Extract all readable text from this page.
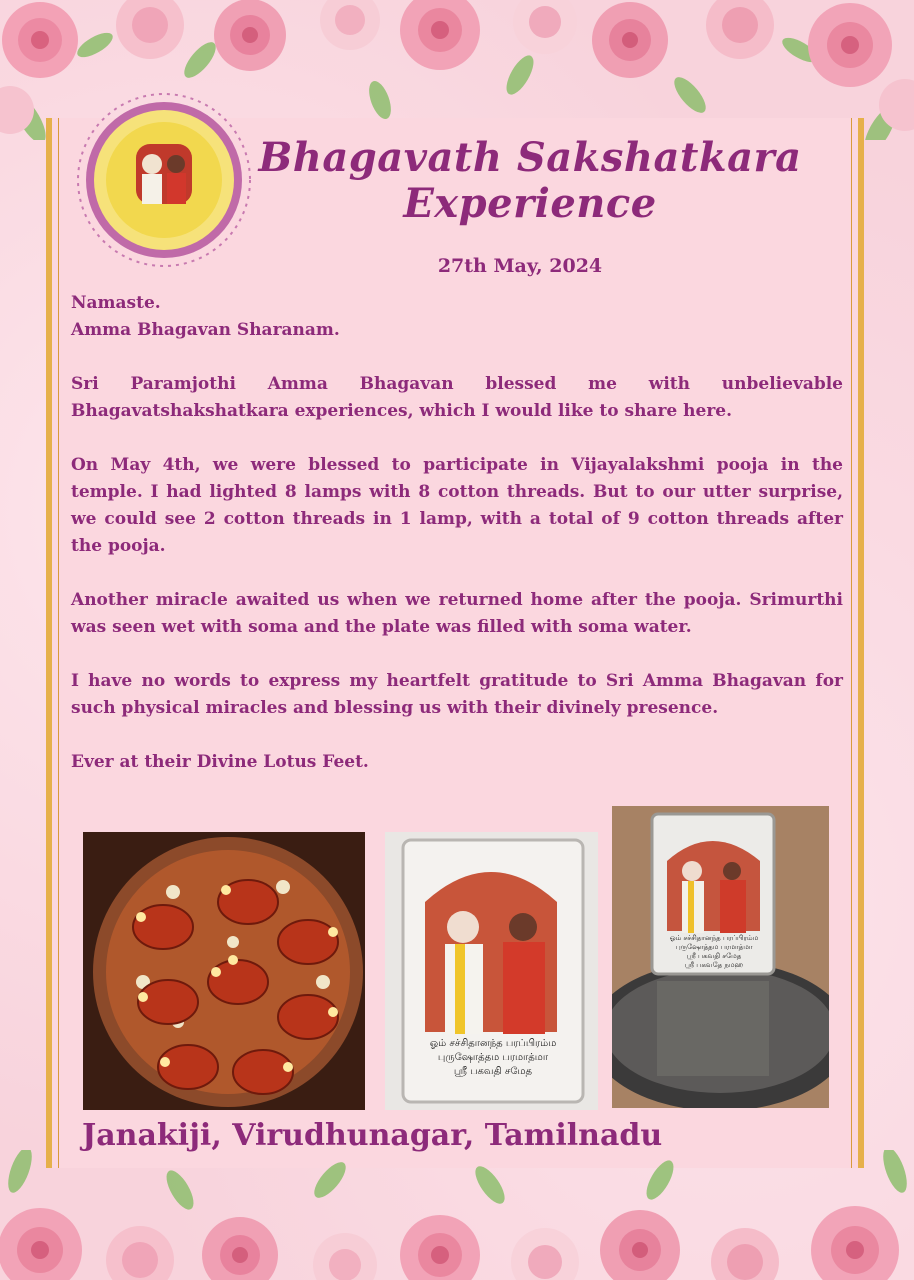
Bhagavath Sakshatkara
Experience
27th May, 2024

Namaste.

Amma Bhagavan Sharanam.

Sri Paramjothi Amma Bhagavan blessed me with unbelievable Bhagavatshakshatkara experiences, which I would like to share here.

On May 4th, we were blessed to participate in Vijayalakshmi pooja in the temple. I had lighted 8 lamps with 8 cotton threads. But to our utter surprise, we could see 2 cotton threads in 1 lamp, with a total of 9 cotton threads after the pooja.

Another miracle awaited us when we returned home after the pooja. Srimurthi was seen wet with soma and the plate was filled with soma water.

I have no words to express my heartfelt gratitude to Sri Amma Bhagavan for such physical miracles and blessing us with their divinely presence.

Ever at their Divine Lotus Feet.

ஓம் சச்சிதானந்த பரப்பிரம்ம
புருஷோத்தம பரமாத்மா
ஸ்ரீ பகவதி சமேத
ஓம் சச்சிதானந்த பரப்பிரம்ம
புருஷோத்தம பரமாத்மா
ஸ்ரீ பகவதி சமேத
ஸ்ரீ பகவதே நமஹ
Janakiji, Virudhunagar, Tamilnadu
